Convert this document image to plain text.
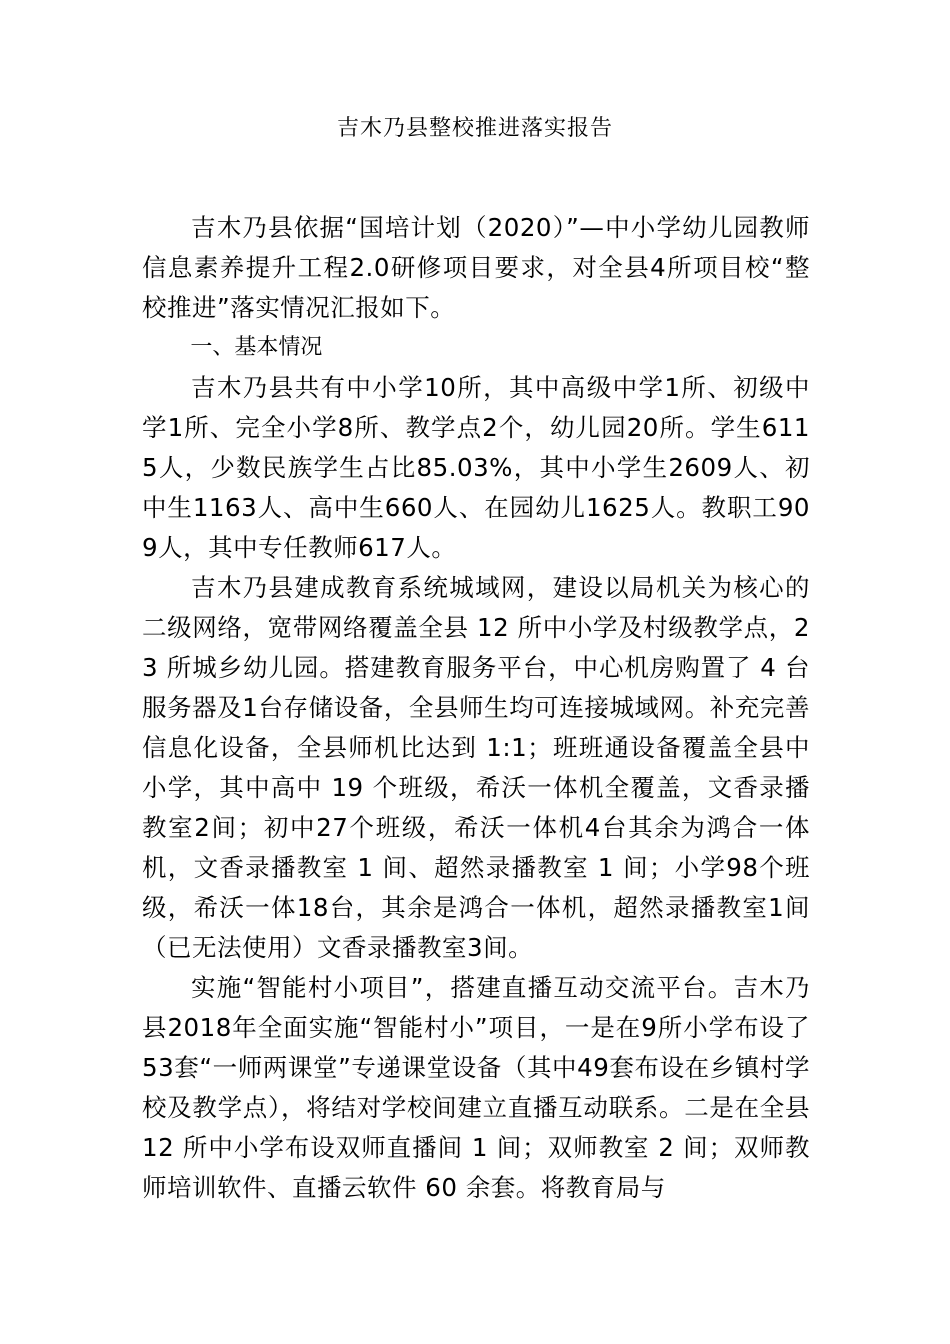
吉木乃县整校推进落实报告

吉木乃县依据“国培计划（2020）”—中小学幼儿园教师信息素养提升工程2.0研修项目要求，对全县4所项目校“整校推进”落实情况汇报如下。

一、基本情况

吉木乃县共有中小学10所，其中高级中学1所、初级中学1所、完全小学8所、教学点2个，幼儿园20所。学生6115人，少数民族学生占比85.03%，其中小学生2609人、初中生1163人、高中生660人、在园幼儿1625人。教职工909人，其中专任教师617人。

吉木乃县建成教育系统城域网，建设以局机关为核心的二级网络，宽带网络覆盖全县 12 所中小学及村级教学点，23 所城乡幼儿园。搭建教育服务平台，中心机房购置了 4 台服务器及1台存储设备，全县师生均可连接城域网。补充完善信息化设备，全县师机比达到 1:1；班班通设备覆盖全县中小学，其中高中 19 个班级，希沃一体机全覆盖，文香录播教室2间；初中27个班级，希沃一体机4台其余为鸿合一体机，文香录播教室 1 间、超然录播教室 1 间；小学98个班级，希沃一体18台，其余是鸿合一体机，超然录播教室1间（已无法使用）文香录播教室3间。

实施“智能村小项目”，搭建直播互动交流平台。吉木乃县2018年全面实施“智能村小”项目，一是在9所小学布设了53套“一师两课堂”专递课堂设备（其中49套布设在乡镇村学校及教学点），将结对学校间建立直播互动联系。二是在全县 12 所中小学布设双师直播间 1 间；双师教室 2 间；双师教师培训软件、直播云软件 60 余套。将教育局与
